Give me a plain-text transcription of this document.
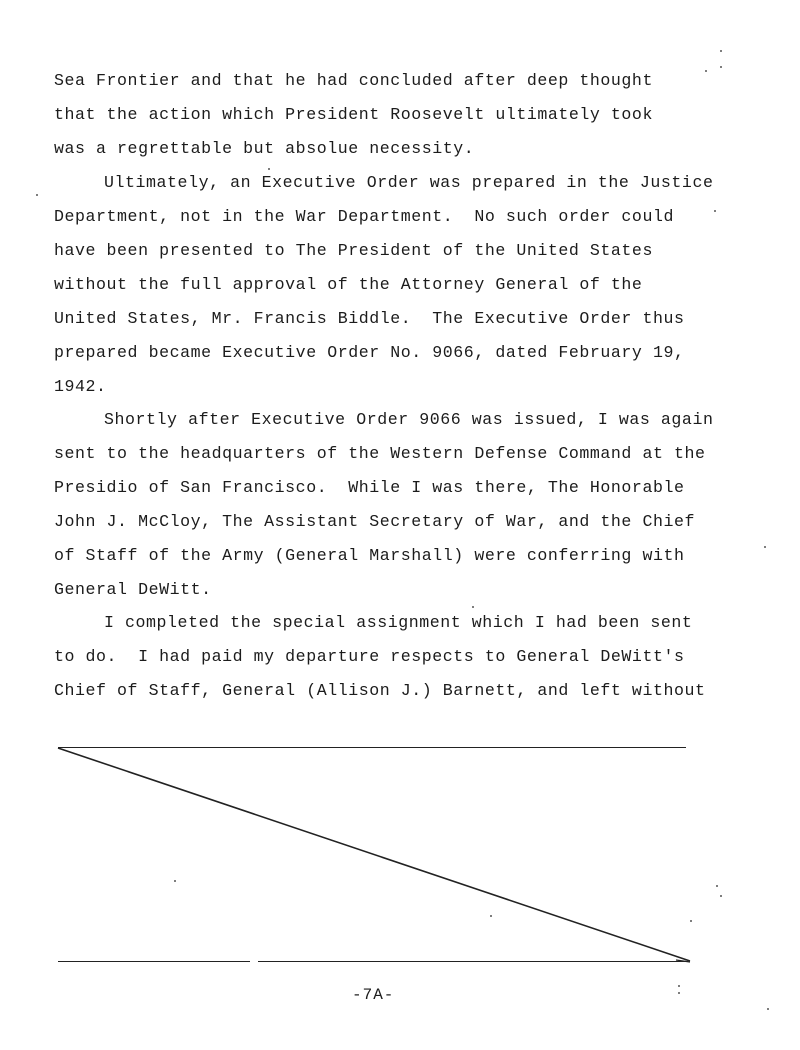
Sea Frontier and that he had concluded after deep thought
that the action which President Roosevelt ultimately took
was a regrettable but absolue necessity.
Ultimately, an Executive Order was prepared in the Justice
Department, not in the War Department.  No such order could
have been presented to The President of the United States
without the full approval of the Attorney General of the
United States, Mr. Francis Biddle.  The Executive Order thus
prepared became Executive Order No. 9066, dated February 19,
1942.
Shortly after Executive Order 9066 was issued, I was again
sent to the headquarters of the Western Defense Command at the
Presidio of San Francisco.  While I was there, The Honorable
John J. McCloy, The Assistant Secretary of War, and the Chief
of Staff of the Army (General Marshall) were conferring with
General DeWitt.
I completed the special assignment which I had been sent
to do.  I had paid my departure respects to General DeWitt's
Chief of Staff, General (Allison J.) Barnett, and left without
-7A-
